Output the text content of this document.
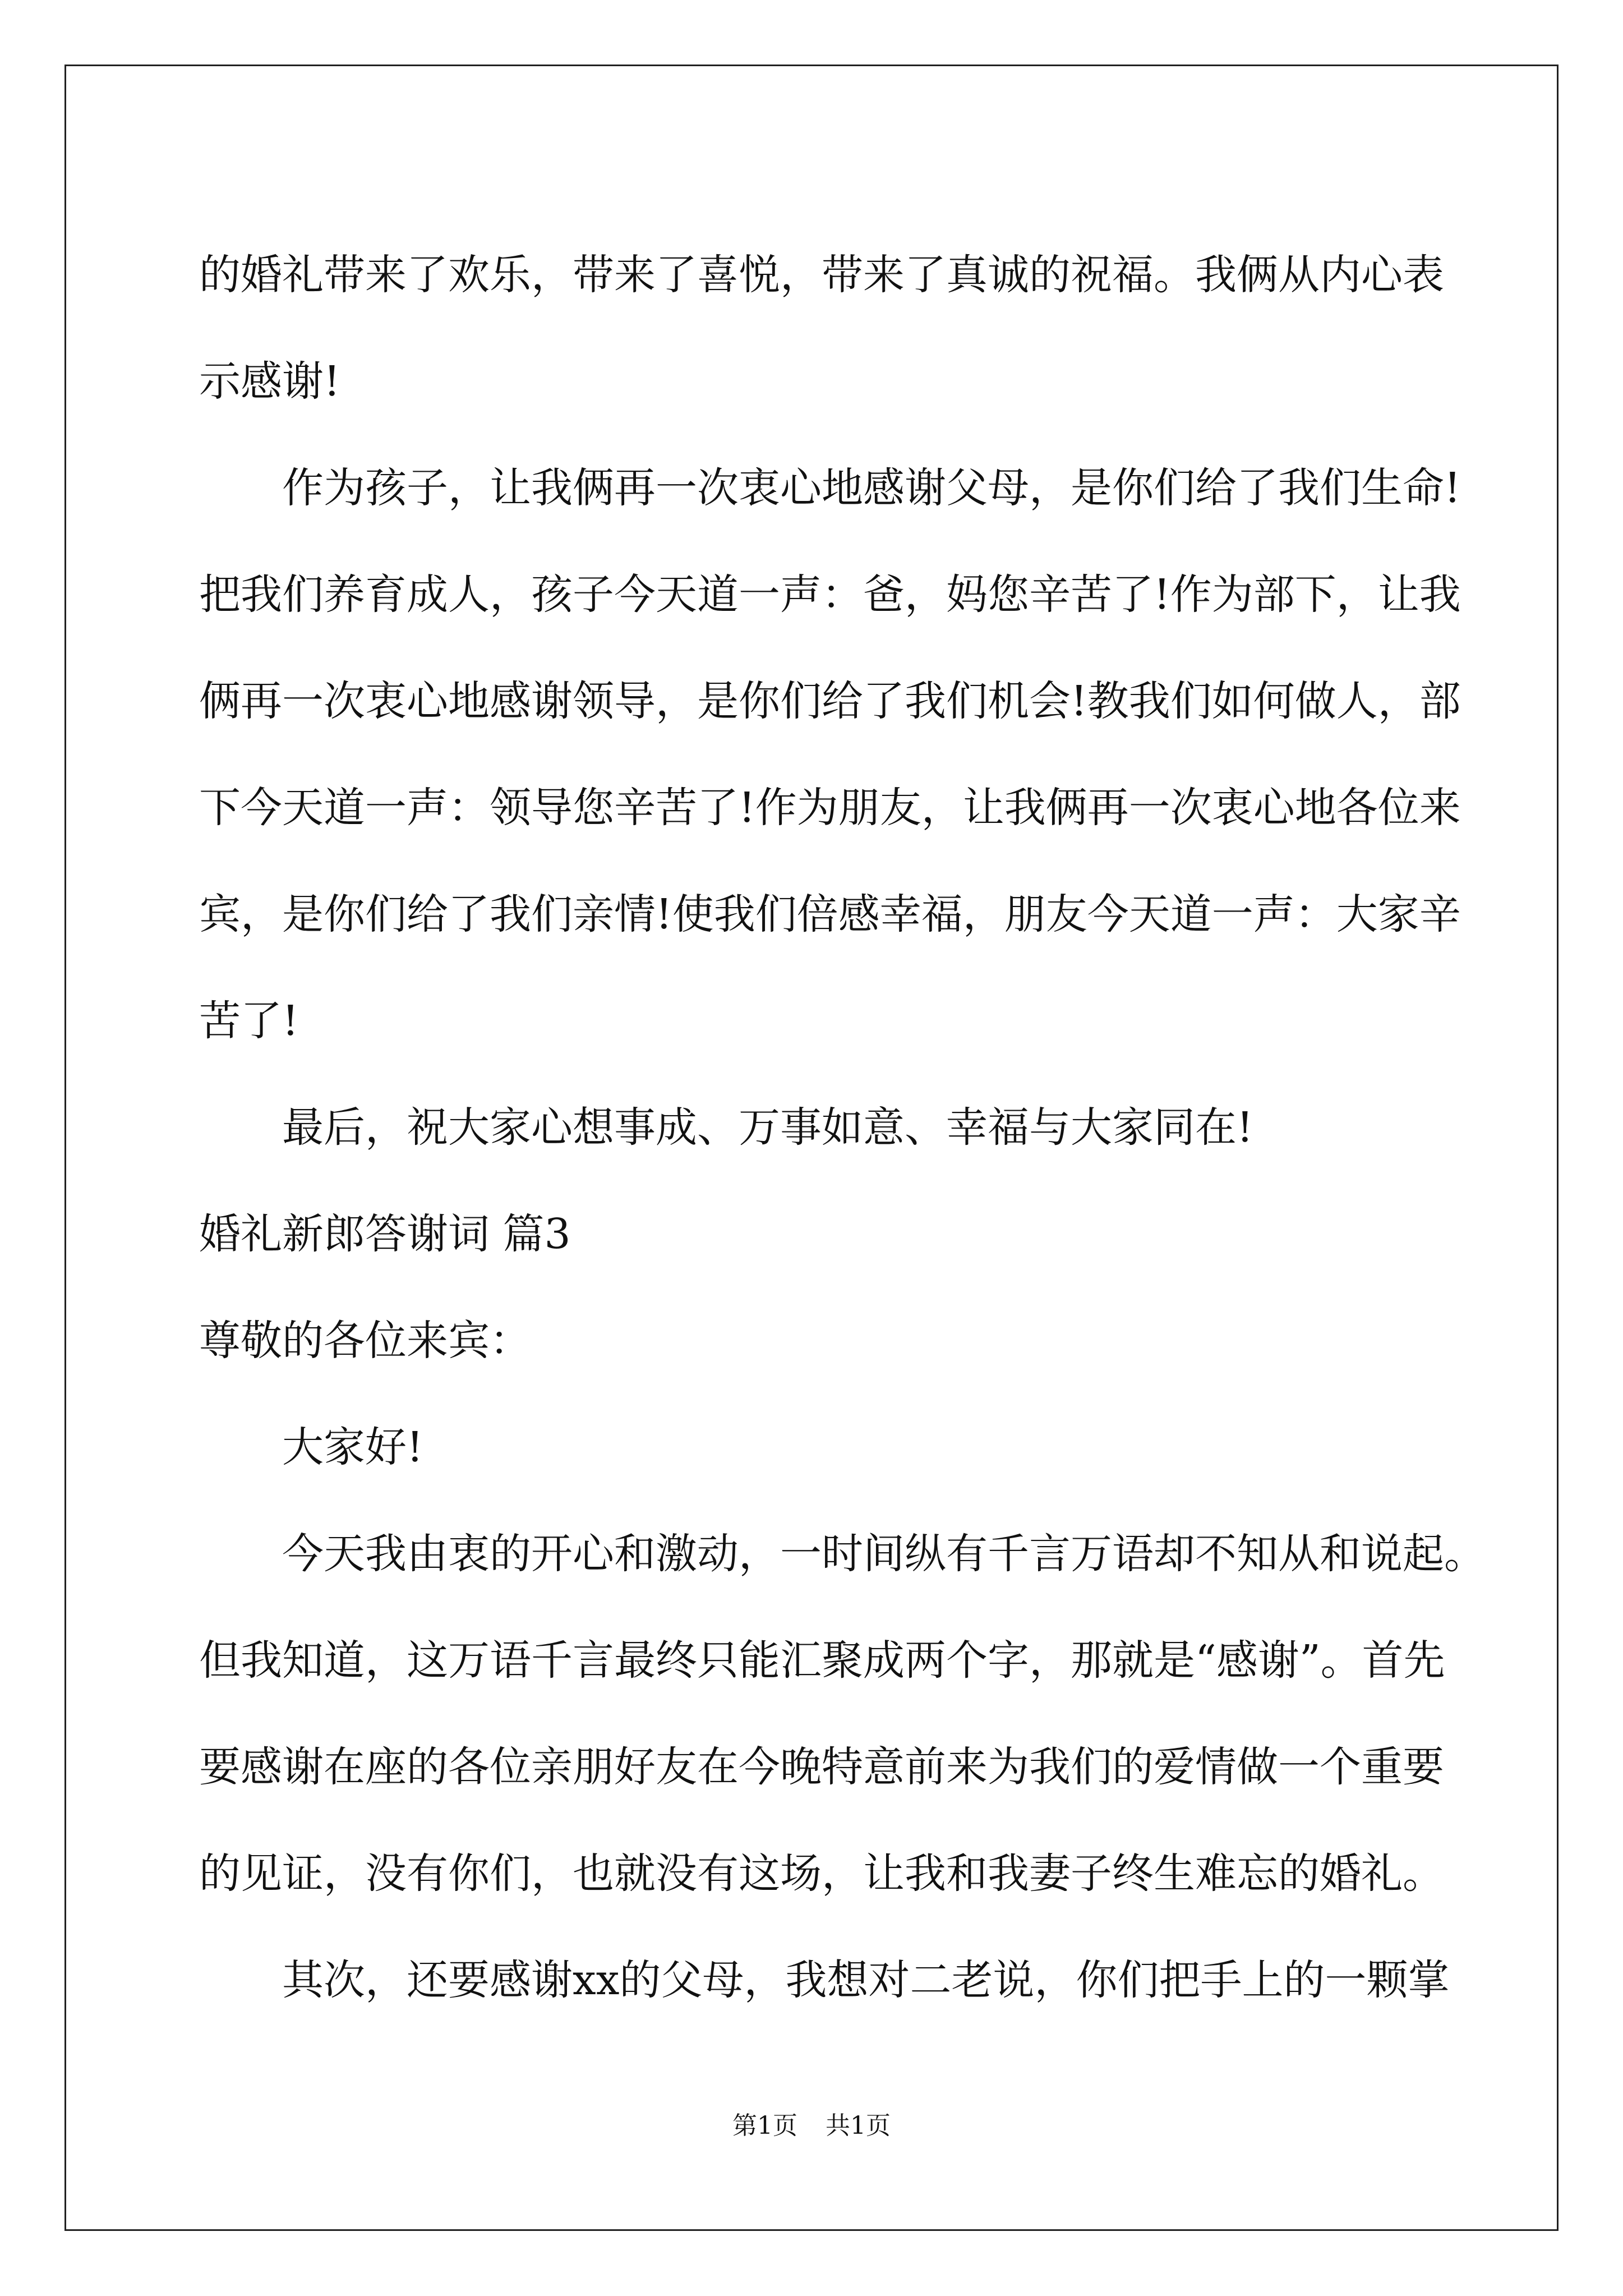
的婚礼带来了欢乐，带来了喜悦，带来了真诚的祝福。我俩从内心表
示感谢!
作为孩子，让我俩再一次衷心地感谢父母，是你们给了我们生命!
把我们养育成人，孩子今天道一声：爸，妈您辛苦了!作为部下，让我
俩再一次衷心地感谢领导，是你们给了我们机会!教我们如何做人，部
下今天道一声：领导您辛苦了!作为朋友，让我俩再一次衷心地各位来
宾，是你们给了我们亲情!使我们倍感幸福，朋友今天道一声：大家辛
苦了!
最后，祝大家心想事成、万事如意、幸福与大家同在!
婚礼新郎答谢词 篇3
尊敬的各位来宾：
大家好!
今天我由衷的开心和激动，一时间纵有千言万语却不知从和说起。
但我知道，这万语千言最终只能汇聚成两个字，那就是“感谢”。首先
要感谢在座的各位亲朋好友在今晚特意前来为我们的爱情做一个重要
的见证，没有你们，也就没有这场，让我和我妻子终生难忘的婚礼。
其次，还要感谢xx的父母，我想对二老说，你们把手上的一颗掌
第1页 共1页
